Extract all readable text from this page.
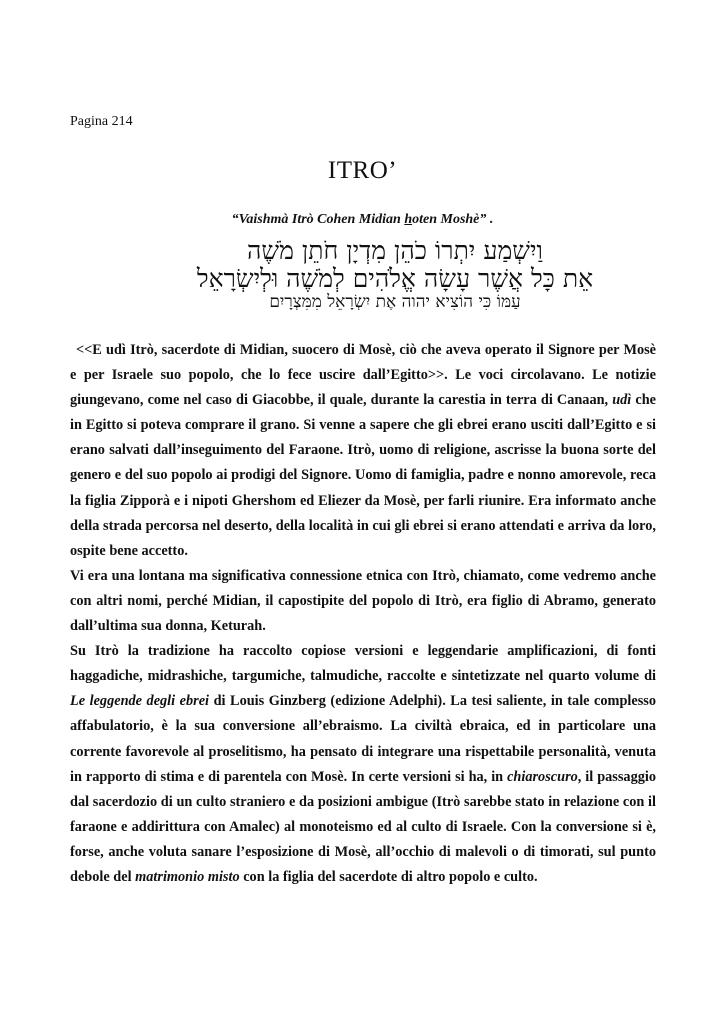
Pagina 214
ITRO’
“Vaishmà Itrò Cohen Midian hoten Moshè” .
וַיִשְׁמַע יִתְרוֹ כֹהֵן מִדְיָן חֹתֵן מֹשֶׁה
אֵת כָּל אֲשֶׁר עָשָׂה אֱלֹהִים לְמֹשֶׁה וּלְיִשְׂרָאֵל
עַמּוֹ כִּי הוֹצִיא יהוה אֶת יִשְׂרָאֵל מִמִּצְרָיִם

<<E udì Itrò, sacerdote di Midian, suocero di Mosè, ciò che aveva operato il Signore per Mosè e per Israele suo popolo, che lo fece uscire dall’Egitto>>. Le voci circolavano. Le notizie giungevano, come nel caso di Giacobbe, il quale, durante la carestia in terra di Canaan, udì che in Egitto si poteva comprare il grano. Si venne a sapere che gli ebrei erano usciti dall’Egitto e si erano salvati dall’inseguimento del Faraone. Itrò, uomo di religione, ascrisse la buona sorte del genero e del suo popolo ai prodigi del Signore. Uomo di famiglia, padre e nonno amorevole, reca la figlia Zipporà e i nipoti Ghershom ed Eliezer da Mosè, per farli riunire. Era informato anche della strada percorsa nel deserto, della località in cui gli ebrei si erano attendati e arriva da loro, ospite bene accetto.

Vi era una lontana ma significativa connessione etnica con Itrò, chiamato, come vedremo anche con altri nomi, perché Midian, il capostipite del popolo di Itrò, era figlio di Abramo, generato dall’ultima sua donna, Keturah.

Su Itrò la tradizione ha raccolto copiose versioni e leggendarie amplificazioni, di fonti haggadiche, midrashiche, targumiche, talmudiche, raccolte e sintetizzate nel quarto volume di Le leggende degli ebrei di Louis Ginzberg (edizione Adelphi). La tesi saliente, in tale complesso affabulatorio, è la sua conversione all’ebraismo. La civiltà ebraica, ed in particolare una corrente favorevole al proselitismo, ha pensato di integrare una rispettabile personalità, venuta in rapporto di stima e di parentela con Mosè. In certe versioni si ha, in chiaroscuro, il passaggio dal sacerdozio di un culto straniero e da posizioni ambigue (Itrò sarebbe stato in relazione con il faraone e addirittura con Amalec) al monoteismo ed al culto di Israele. Con la conversione si è, forse, anche voluta sanare l’esposizione di Mosè, all’occhio di malevoli o di timorati, sul punto debole del matrimonio misto con la figlia del sacerdote di altro popolo e culto.
